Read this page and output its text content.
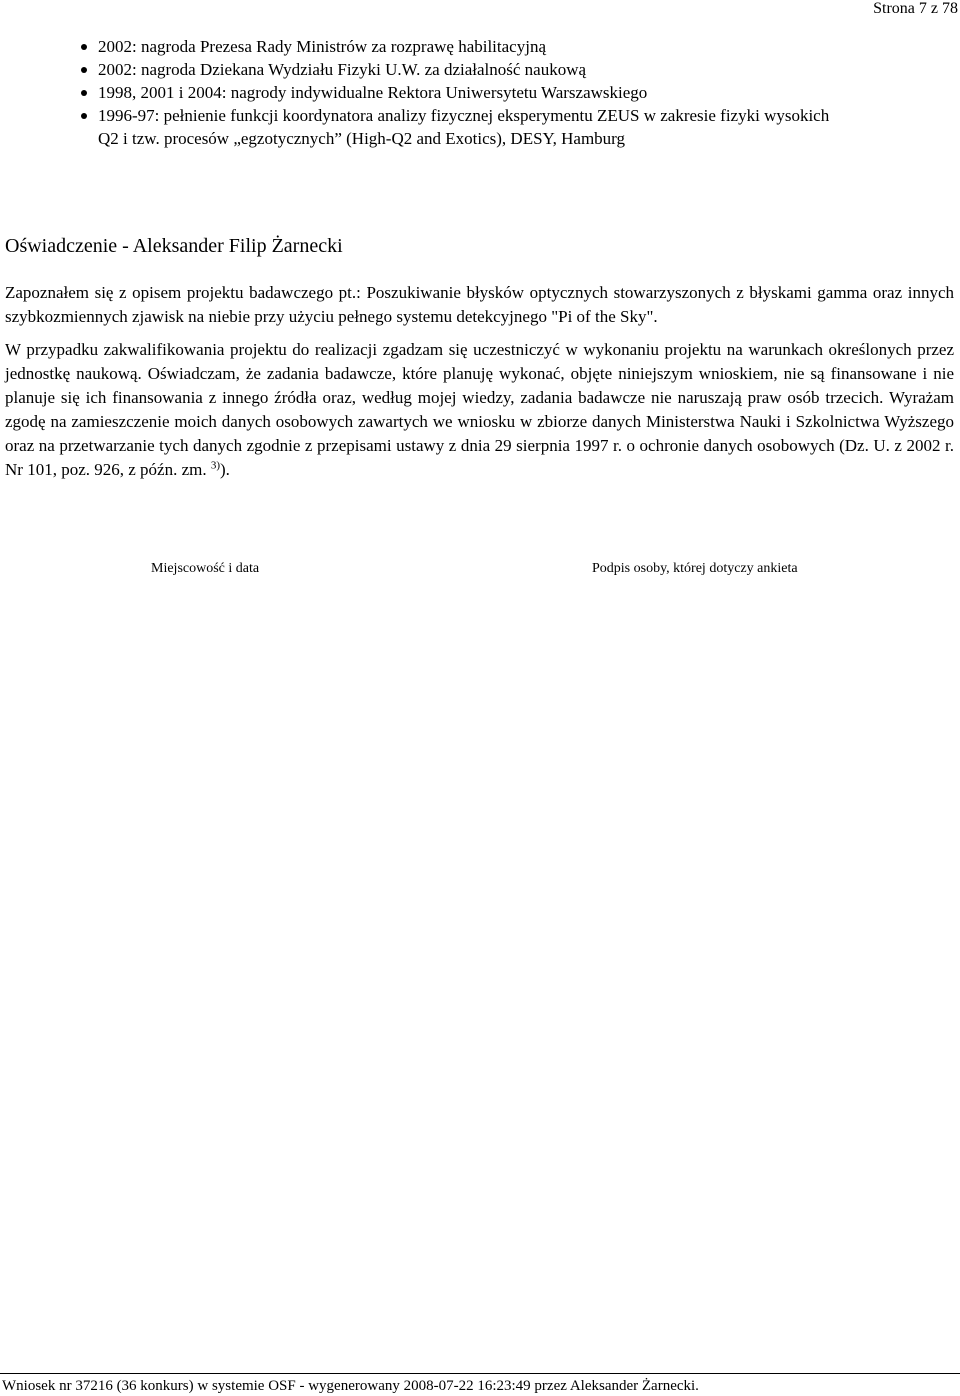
Strona 7 z 78
2002: nagroda Prezesa Rady Ministrów za rozprawę habilitacyjną
2002: nagroda Dziekana Wydziału Fizyki U.W. za działalność naukową
1998, 2001 i 2004: nagrody indywidualne Rektora Uniwersytetu Warszawskiego
1996-97: pełnienie funkcji koordynatora analizy fizycznej eksperymentu ZEUS w zakresie fizyki wysokich
Q2 i tzw. procesów „egzotycznych” (High-Q2 and Exotics), DESY, Hamburg
Oświadczenie - Aleksander Filip Żarnecki

Zapoznałem się z opisem projektu badawczego pt.: Poszukiwanie błysków optycznych stowarzyszonych z błyskami gamma oraz innych szybkozmiennych zjawisk na niebie przy użyciu pełnego systemu detekcyjnego "Pi of the Sky".

W przypadku zakwalifikowania projektu do realizacji zgadzam się uczestniczyć w wykonaniu projektu na warunkach określonych przez jednostkę naukową. Oświadczam, że zadania badawcze, które planuję wykonać, objęte niniejszym wnioskiem, nie są finansowane i nie planuje się ich finansowania z innego źródła oraz, według mojej wiedzy, zadania badawcze nie naruszają praw osób trzecich. Wyrażam zgodę na zamieszczenie moich danych osobowych zawartych we wniosku w zbiorze danych Ministerstwa Nauki i Szkolnictwa Wyższego oraz na przetwarzanie tych danych zgodnie z przepisami ustawy z dnia 29 sierpnia 1997 r. o ochronie danych osobowych (Dz. U. z 2002 r. Nr 101, poz. 926, z późn. zm. $^{3)}$).

Miejscowość i data	Podpis osoby, której dotyczy ankieta
Wniosek nr 37216 (36 konkurs) w systemie OSF - wygenerowany 2008-07-22 16:23:49 przez Aleksander Żarnecki.
